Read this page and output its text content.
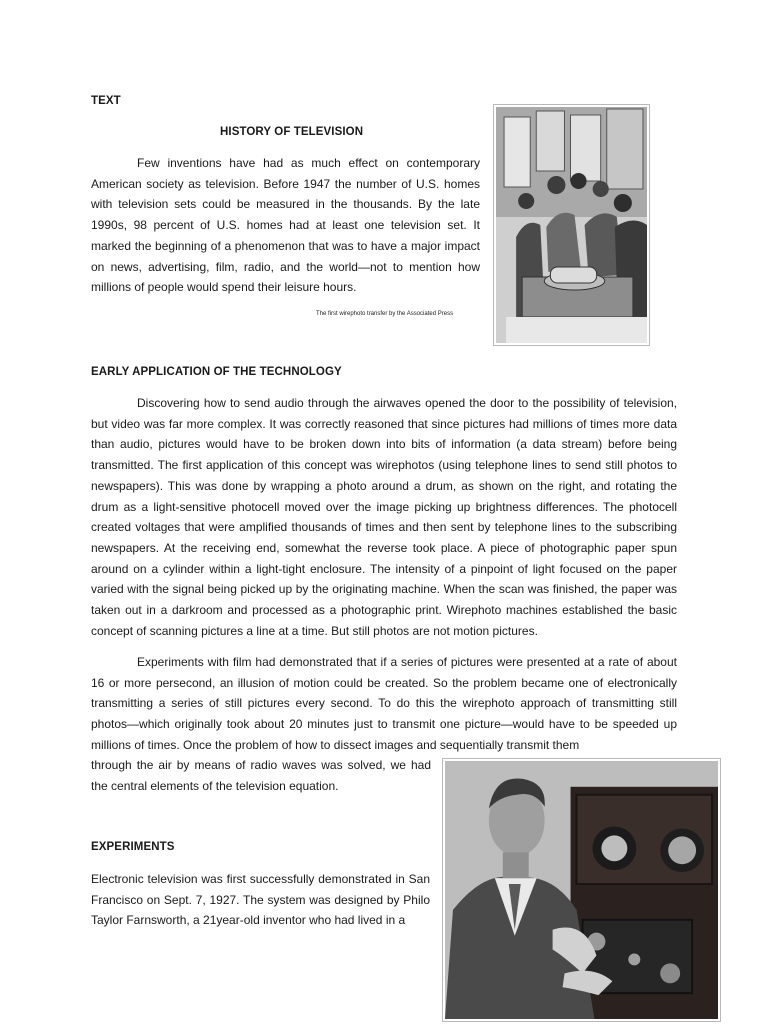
TEXT
HISTORY OF TELEVISION

Few inventions have had as much effect on contemporary American society as television. Before 1947 the number of U.S. homes with television sets could be measured in the thousands. By the late 1990s, 98 percent of U.S. homes had at least one television set. It marked the beginning of a phenomenon that was to have a major impact on news, advertising, film, radio, and the world—not to mention how millions of people would spend their leisure hours.

The first wirephoto transfer by the Associated Press
EARLY APPLICATION OF THE TECHNOLOGY

Discovering how to send audio through the airwaves opened the door to the possibility of television, but video was far more complex. It was correctly reasoned that since pictures had millions of times more data than audio, pictures would have to be broken down into bits of information (a data stream) before being transmitted. The first application of this concept was wirephotos (using telephone lines to send still photos to newspapers). This was done by wrapping a photo around a drum, as shown on the right, and rotating the drum as a light-sensitive photocell moved over the image picking up brightness differences. The photocell created voltages that were amplified thousands of times and then sent by telephone lines to the subscribing newspapers. At the receiving end, somewhat the reverse took place. A piece of photographic paper spun around on a cylinder within a light-tight enclosure. The intensity of a pinpoint of light focused on the paper varied with the signal being picked up by the originating machine. When the scan was finished, the paper was taken out in a darkroom and processed as a photographic print. Wirephoto machines established the basic concept of scanning pictures a line at a time. But still photos are not motion pictures.

Experiments with film had demonstrated that if a series of pictures were presented at a rate of about 16 or more persecond, an illusion of motion could be created. So the problem became one of electronically transmitting a series of still pictures every second. To do this the wirephoto approach of transmitting still photos—which originally took about 20 minutes just to transmit one picture—would have to be speeded up millions of times. Once the problem of how to dissect images and sequentially transmit them

through the air by means of radio waves was solved, we had the central elements of the television equation.

EXPERIMENTS

Electronic television was first successfully demonstrated in San Francisco on Sept. 7, 1927. The system was designed by Philo Taylor Farnsworth, a 21year-old inventor who had lived in a
